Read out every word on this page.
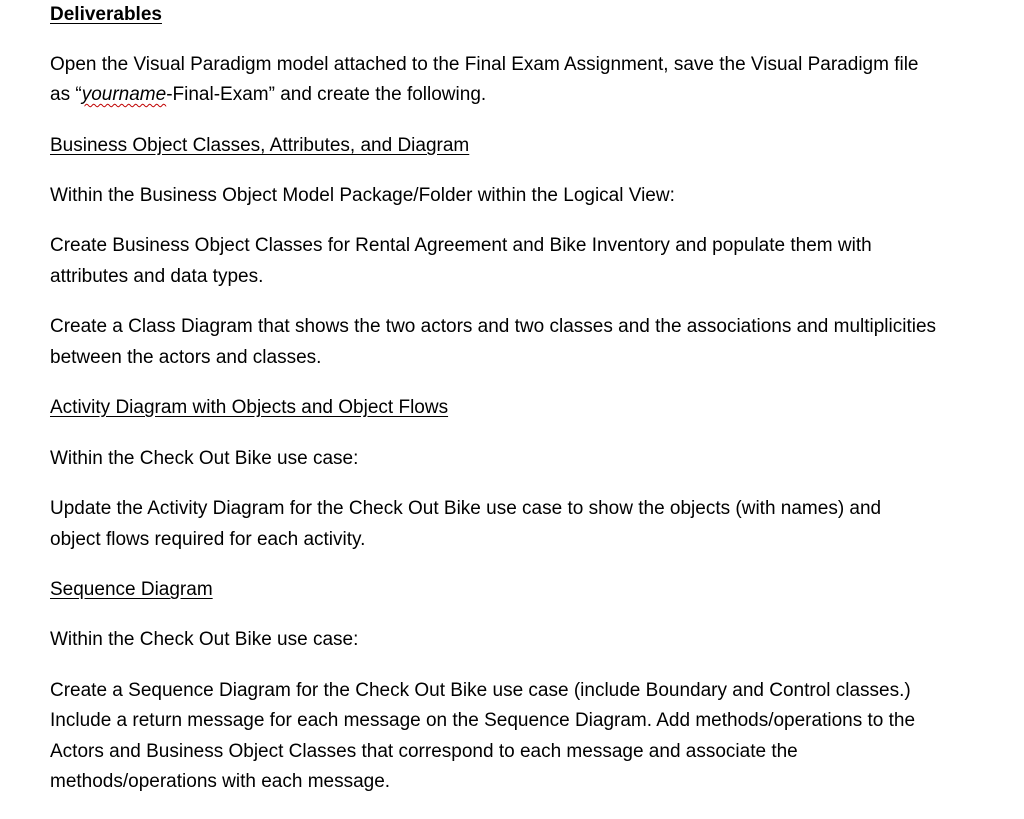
Deliverables
Open the Visual Paradigm model attached to the Final Exam Assignment, save the Visual Paradigm file
as “yourname-Final-Exam” and create the following.
Business Object Classes, Attributes, and Diagram
Within the Business Object Model Package/Folder within the Logical View:
Create Business Object Classes for Rental Agreement and Bike Inventory and populate them with
attributes and data types.
Create a Class Diagram that shows the two actors and two classes and the associations and multiplicities
between the actors and classes.
Activity Diagram with Objects and Object Flows
Within the Check Out Bike use case:
Update the Activity Diagram for the Check Out Bike use case to show the objects (with names) and
object flows required for each activity.
Sequence Diagram
Within the Check Out Bike use case:
Create a Sequence Diagram for the Check Out Bike use case (include Boundary and Control classes.)
Include a return message for each message on the Sequence Diagram. Add methods/operations to the
Actors and Business Object Classes that correspond to each message and associate the
methods/operations with each message.
